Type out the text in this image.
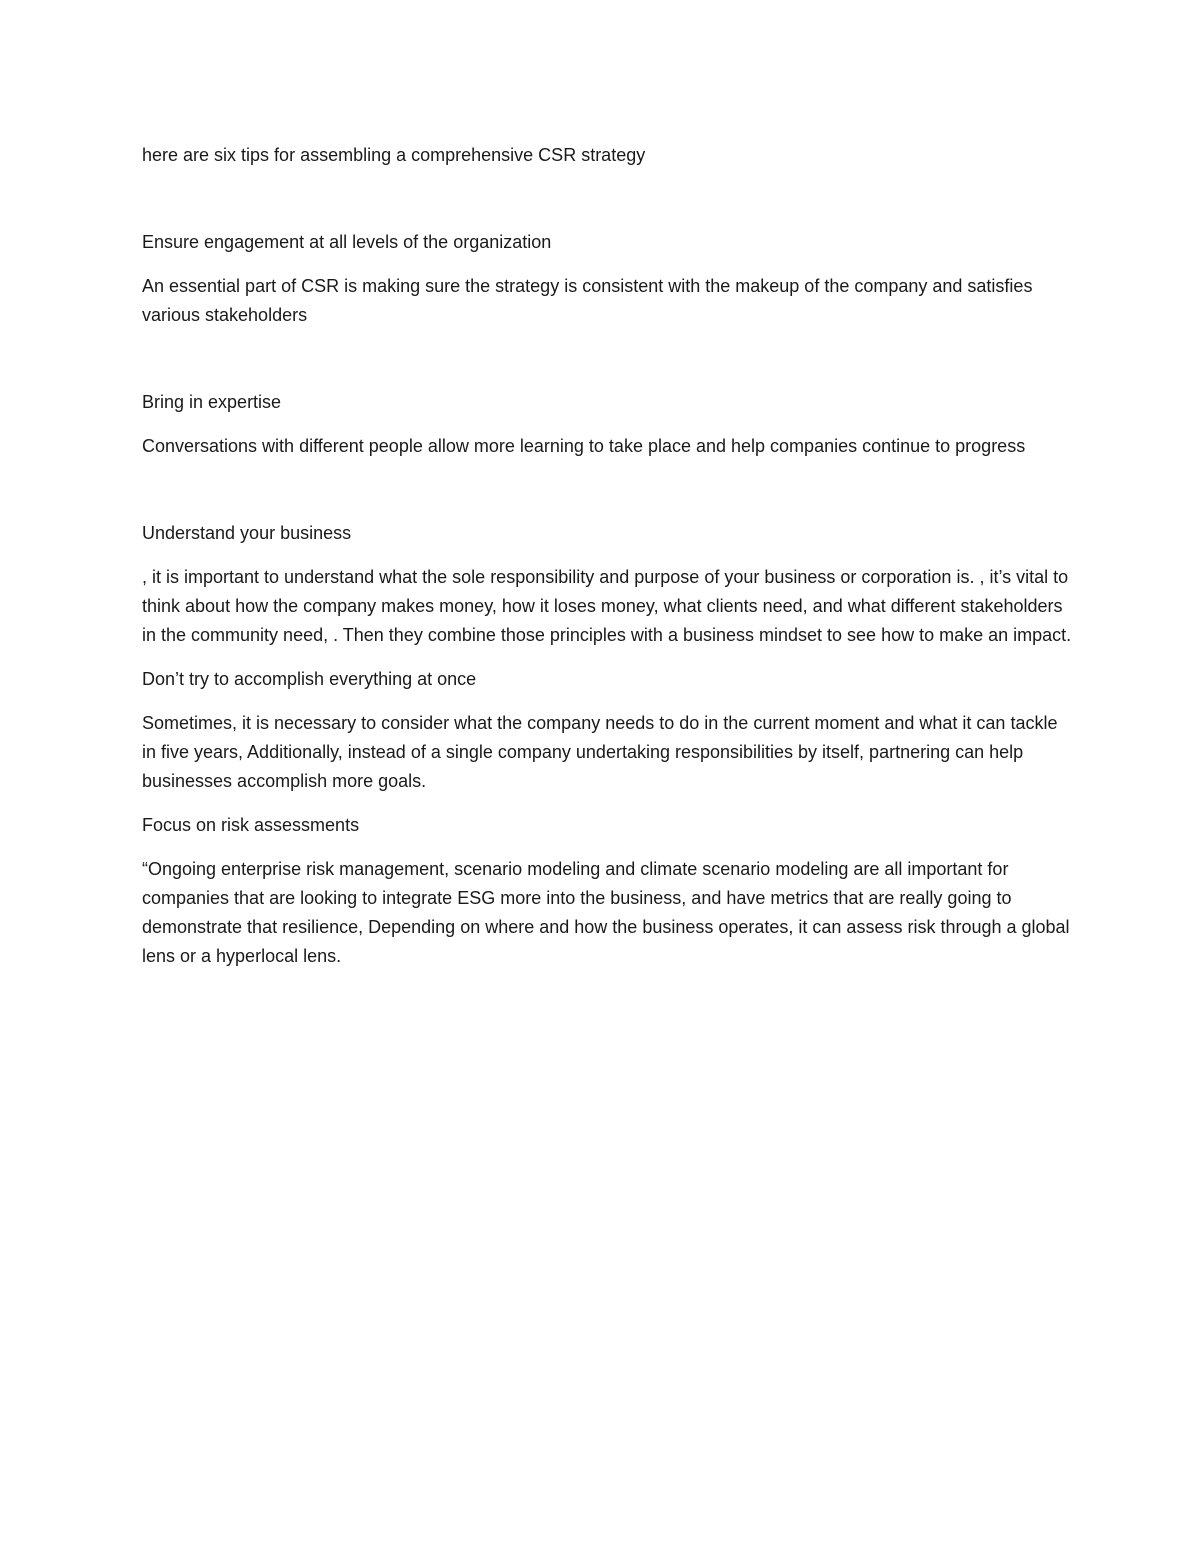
here are six tips for assembling a comprehensive CSR strategy

Ensure engagement at all levels of the organization

An essential part of CSR is making sure the strategy is consistent with the makeup of the company and satisfies various stakeholders

Bring in expertise

Conversations with different people allow more learning to take place and help companies continue to progress

Understand your business

, it is important to understand what the sole responsibility and purpose of your business or corporation is. , it’s vital to think about how the company makes money, how it loses money, what clients need, and what different stakeholders in the community need, . Then they combine those principles with a business mindset to see how to make an impact.

Don’t try to accomplish everything at once

Sometimes, it is necessary to consider what the company needs to do in the current moment and what it can tackle in five years, Additionally, instead of a single company undertaking responsibilities by itself, partnering can help businesses accomplish more goals.

Focus on risk assessments

“Ongoing enterprise risk management, scenario modeling and climate scenario modeling are all important for companies that are looking to integrate ESG more into the business, and have metrics that are really going to demonstrate that resilience, Depending on where and how the business operates, it can assess risk through a global lens or a hyperlocal lens.
